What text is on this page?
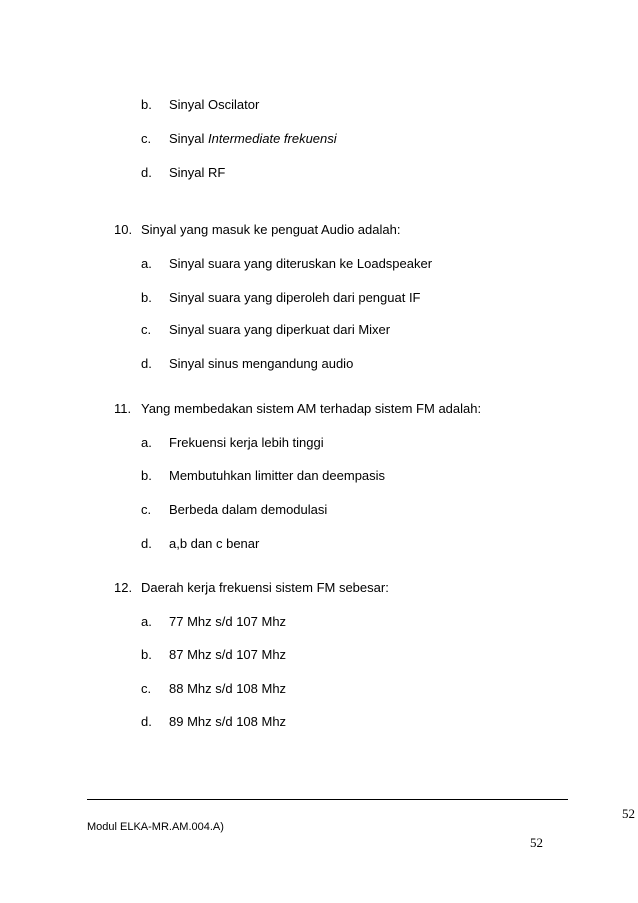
b. Sinyal Oscilator
c. Sinyal Intermediate frekuensi
d. Sinyal RF
10. Sinyal yang masuk ke penguat Audio adalah:
a. Sinyal suara yang diteruskan ke Loadspeaker
b. Sinyal suara yang diperoleh dari penguat IF
c. Sinyal suara yang diperkuat dari Mixer
d. Sinyal sinus mengandung audio
11. Yang membedakan sistem AM terhadap sistem FM adalah:
a. Frekuensi kerja lebih tinggi
b. Membutuhkan limitter dan deempasis
c. Berbeda dalam demodulasi
d. a,b dan c benar
12. Daerah kerja frekuensi sistem FM sebesar:
a. 77 Mhz s/d 107 Mhz
b. 87 Mhz s/d 107 Mhz
c. 88 Mhz s/d 108 Mhz
d. 89 Mhz s/d 108 Mhz
52
Modul ELKA-MR.AM.004.A)
52
